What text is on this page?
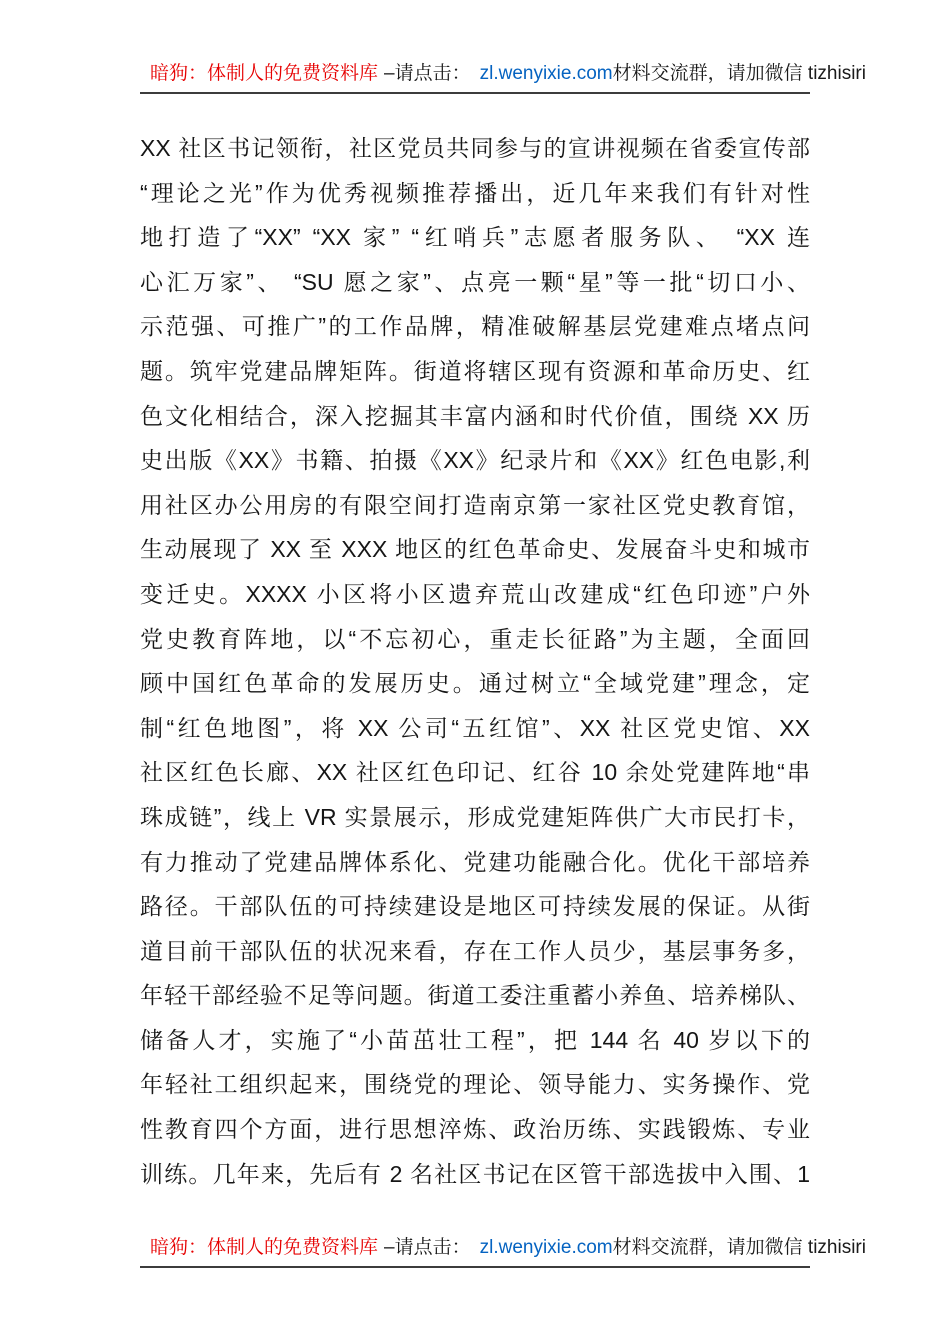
暗狗：体制人的免费资料库 –请点击： zl.wenyixie.com 材料交流群，请加微信 tizhisiri
XX 社区书记领衔，社区党员共同参与的宣讲视频在省委宣传部
“理论之光”作为优秀视频推荐播出，近几年来我们有针对性
地打造了“XX” “XX 家” “红哨兵”志愿者服务队、 “XX 连
心汇万家”、 “SU 愿之家”、点亮一颗“星”等一批“切口小、
示范强、可推广”的工作品牌，精准破解基层党建难点堵点问
题。筑牢党建品牌矩阵。街道将辖区现有资源和革命历史、红
色文化相结合，深入挖掘其丰富内涵和时代价值，围绕 XX 历
史出版《XX》书籍、拍摄《XX》纪录片和《XX》红色电影,利
用社区办公用房的有限空间打造南京第一家社区党史教育馆，
生动展现了 XX 至 XXX 地区的红色革命史、发展奋斗史和城市
变迁史。XXXX 小区将小区遗弃荒山改建成“红色印迹”户外
党史教育阵地，以“不忘初心，重走长征路”为主题，全面回
顾中国红色革命的发展历史。通过树立“全域党建”理念，定
制“红色地图”，将 XX 公司“五红馆”、XX 社区党史馆、XX
社区红色长廊、XX 社区红色印记、红谷 10 余处党建阵地“串
珠成链”，线上 VR 实景展示，形成党建矩阵供广大市民打卡，
有力推动了党建品牌体系化、党建功能融合化。优化干部培养
路径。干部队伍的可持续建设是地区可持续发展的保证。从街
道目前干部队伍的状况来看，存在工作人员少，基层事务多，
年轻干部经验不足等问题。街道工委注重蓄小养鱼、培养梯队、
储备人才，实施了“小苗茁壮工程”，把 144 名 40 岁以下的
年轻社工组织起来，围绕党的理论、领导能力、实务操作、党
性教育四个方面，进行思想淬炼、政治历练、实践锻炼、专业
训练。几年来，先后有 2 名社区书记在区管干部选拔中入围、1
暗狗：体制人的免费资料库 –请点击： zl.wenyixie.com 材料交流群，请加微信 tizhisiri
